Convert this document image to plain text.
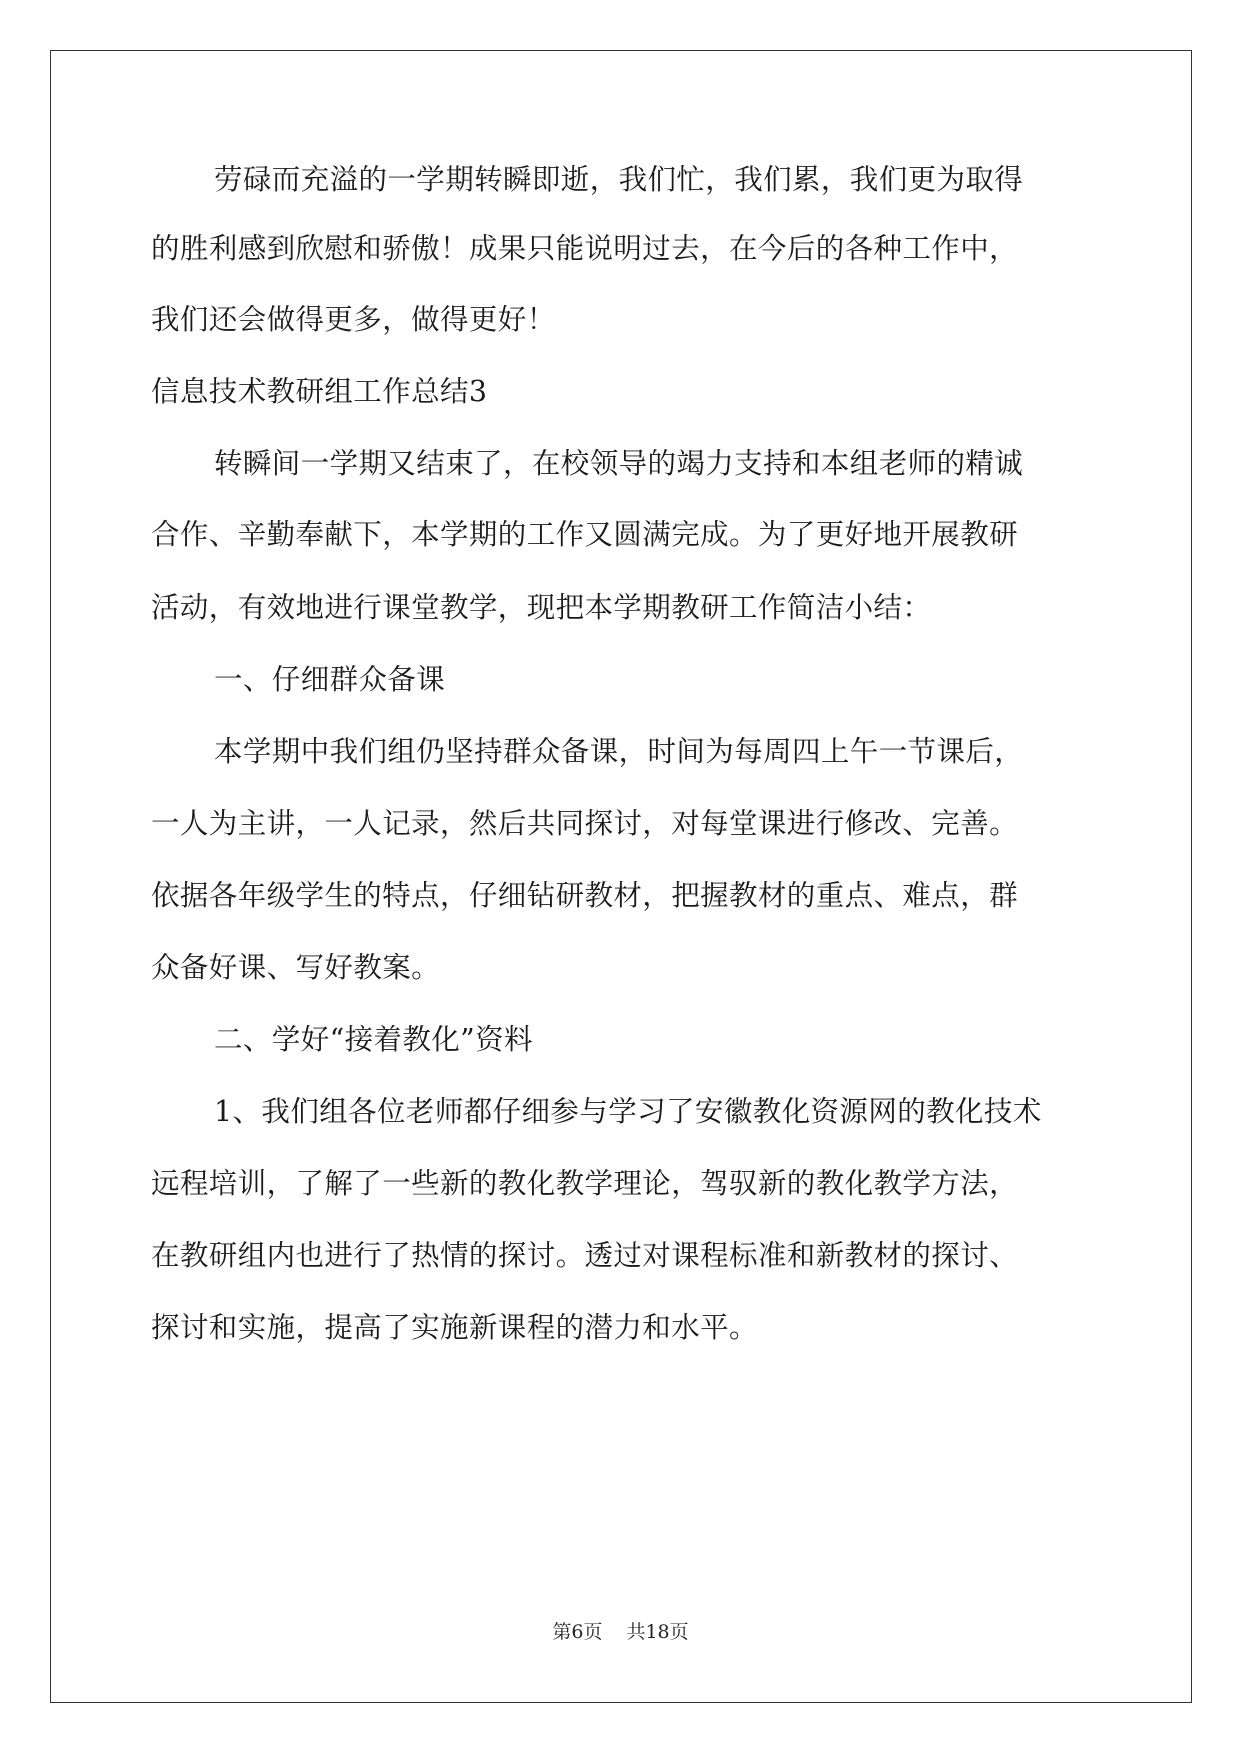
劳碌而充溢的一学期转瞬即逝，我们忙，我们累，我们更为取得
的胜利感到欣慰和骄傲！成果只能说明过去，在今后的各种工作中，
我们还会做得更多，做得更好！
信息技术教研组工作总结3
转瞬间一学期又结束了，在校领导的竭力支持和本组老师的精诚
合作、辛勤奉献下，本学期的工作又圆满完成。为了更好地开展教研
活动，有效地进行课堂教学，现把本学期教研工作简洁小结：
一、仔细群众备课
本学期中我们组仍坚持群众备课，时间为每周四上午一节课后，
一人为主讲，一人记录，然后共同探讨，对每堂课进行修改、完善。
依据各年级学生的特点，仔细钻研教材，把握教材的重点、难点，群
众备好课、写好教案。
二、学好“接着教化”资料
1、我们组各位老师都仔细参与学习了安徽教化资源网的教化技术
远程培训，了解了一些新的教化教学理论，驾驭新的教化教学方法，
在教研组内也进行了热情的探讨。透过对课程标准和新教材的探讨、
探讨和实施，提高了实施新课程的潜力和水平。
第6页 共18页
